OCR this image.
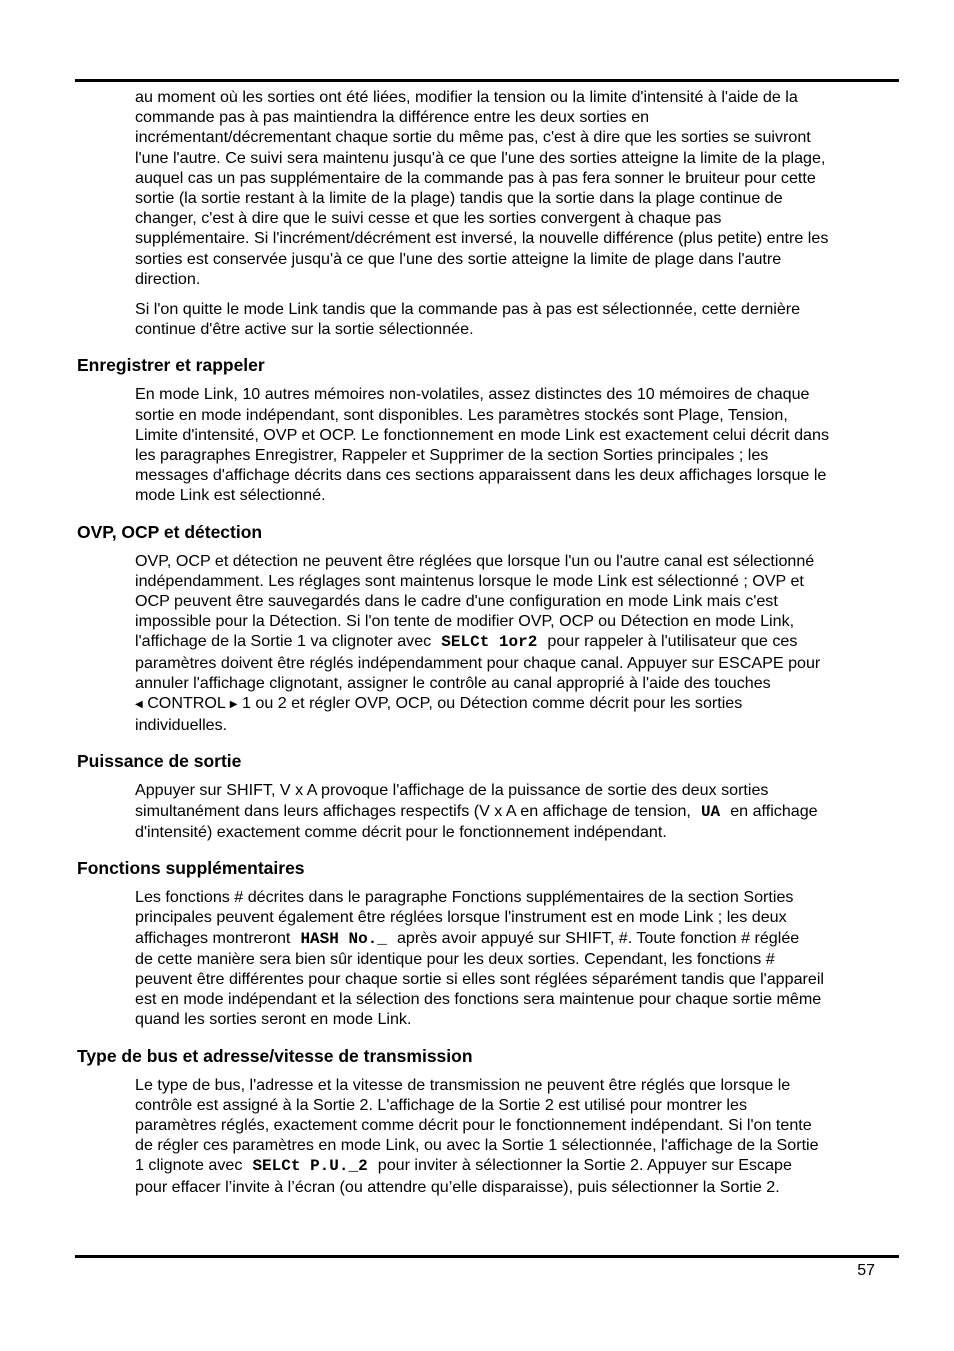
au moment où les sorties ont été liées, modifier la tension ou la limite d'intensité à l'aide de la
commande pas à pas maintiendra la différence entre les deux sorties en
incrémentant/décrementant chaque sortie du même pas, c'est à dire que les sorties se suivront
l'une l'autre. Ce suivi sera maintenu jusqu'à ce que l'une des sorties atteigne la limite de la plage,
auquel cas un pas supplémentaire de la commande pas à pas fera sonner le bruiteur pour cette
sortie (la sortie restant à la limite de la plage) tandis que la sortie dans la plage continue de
changer, c'est à dire que le suivi cesse et que les sorties convergent à chaque pas
supplémentaire. Si l'incrément/décrément est inversé, la nouvelle différence (plus petite) entre les
sorties est conservée jusqu'à ce que l'une des sortie atteigne la limite de plage dans l'autre
direction.

Si l'on quitte le mode Link tandis que la commande pas à pas est sélectionnée, cette dernière
continue d'être active sur la sortie sélectionnée.

Enregistrer et rappeler

En mode Link, 10 autres mémoires non-volatiles, assez distinctes des 10 mémoires de chaque
sortie en mode indépendant, sont disponibles. Les paramètres stockés sont Plage, Tension,
Limite d'intensité, OVP et OCP. Le fonctionnement en mode Link est exactement celui décrit dans
les paragraphes Enregistrer, Rappeler et Supprimer de la section Sorties principales ; les
messages d'affichage décrits dans ces sections apparaissent dans les deux affichages lorsque le
mode Link est sélectionné.

OVP, OCP et détection

OVP, OCP et détection ne peuvent être réglées que lorsque l'un ou l'autre canal est sélectionné
indépendamment. Les réglages sont maintenus lorsque le mode Link est sélectionné ; OVP et
OCP peuvent être sauvegardés dans le cadre d'une configuration en mode Link mais c'est
impossible pour la Détection. Si l'on tente de modifier OVP, OCP ou Détection en mode Link,
l'affichage de la Sortie 1 va clignoter avec SELCt 1or2 pour rappeler à l'utilisateur que ces
paramètres doivent être réglés indépendamment pour chaque canal. Appuyer sur ESCAPE pour
annuler l'affichage clignotant, assigner le contrôle au canal approprié à l'aide des touches
◀ CONTROL ▶ 1 ou 2 et régler OVP, OCP, ou Détection comme décrit pour les sorties
individuelles.

Puissance de sortie

Appuyer sur SHIFT, V x A provoque l'affichage de la puissance de sortie des deux sorties
simultanément dans leurs affichages respectifs (V x A en affichage de tension, UA en affichage
d'intensité) exactement comme décrit pour le fonctionnement indépendant.

Fonctions supplémentaires

Les fonctions # décrites dans le paragraphe Fonctions supplémentaires de la section Sorties
principales peuvent également être réglées lorsque l'instrument est en mode Link ; les deux
affichages montreront HASH No._ après avoir appuyé sur SHIFT, #. Toute fonction # réglée
de cette manière sera bien sûr identique pour les deux sorties. Cependant, les fonctions #
peuvent être différentes pour chaque sortie si elles sont réglées séparément tandis que l'appareil
est en mode indépendant et la sélection des fonctions sera maintenue pour chaque sortie même
quand les sorties seront en mode Link.

Type de bus et adresse/vitesse de transmission

Le type de bus, l'adresse et la vitesse de transmission ne peuvent être réglés que lorsque le
contrôle est assigné à la Sortie 2. L'affichage de la Sortie 2 est utilisé pour montrer les
paramètres réglés, exactement comme décrit pour le fonctionnement indépendant. Si l'on tente
de régler ces paramètres en mode Link, ou avec la Sortie 1 sélectionnée, l'affichage de la Sortie
1 clignote avec SELCt P.U._2 pour inviter à sélectionner la Sortie 2. Appuyer sur Escape
pour effacer l’invite à l’écran (ou attendre qu’elle disparaisse), puis sélectionner la Sortie 2.

57
